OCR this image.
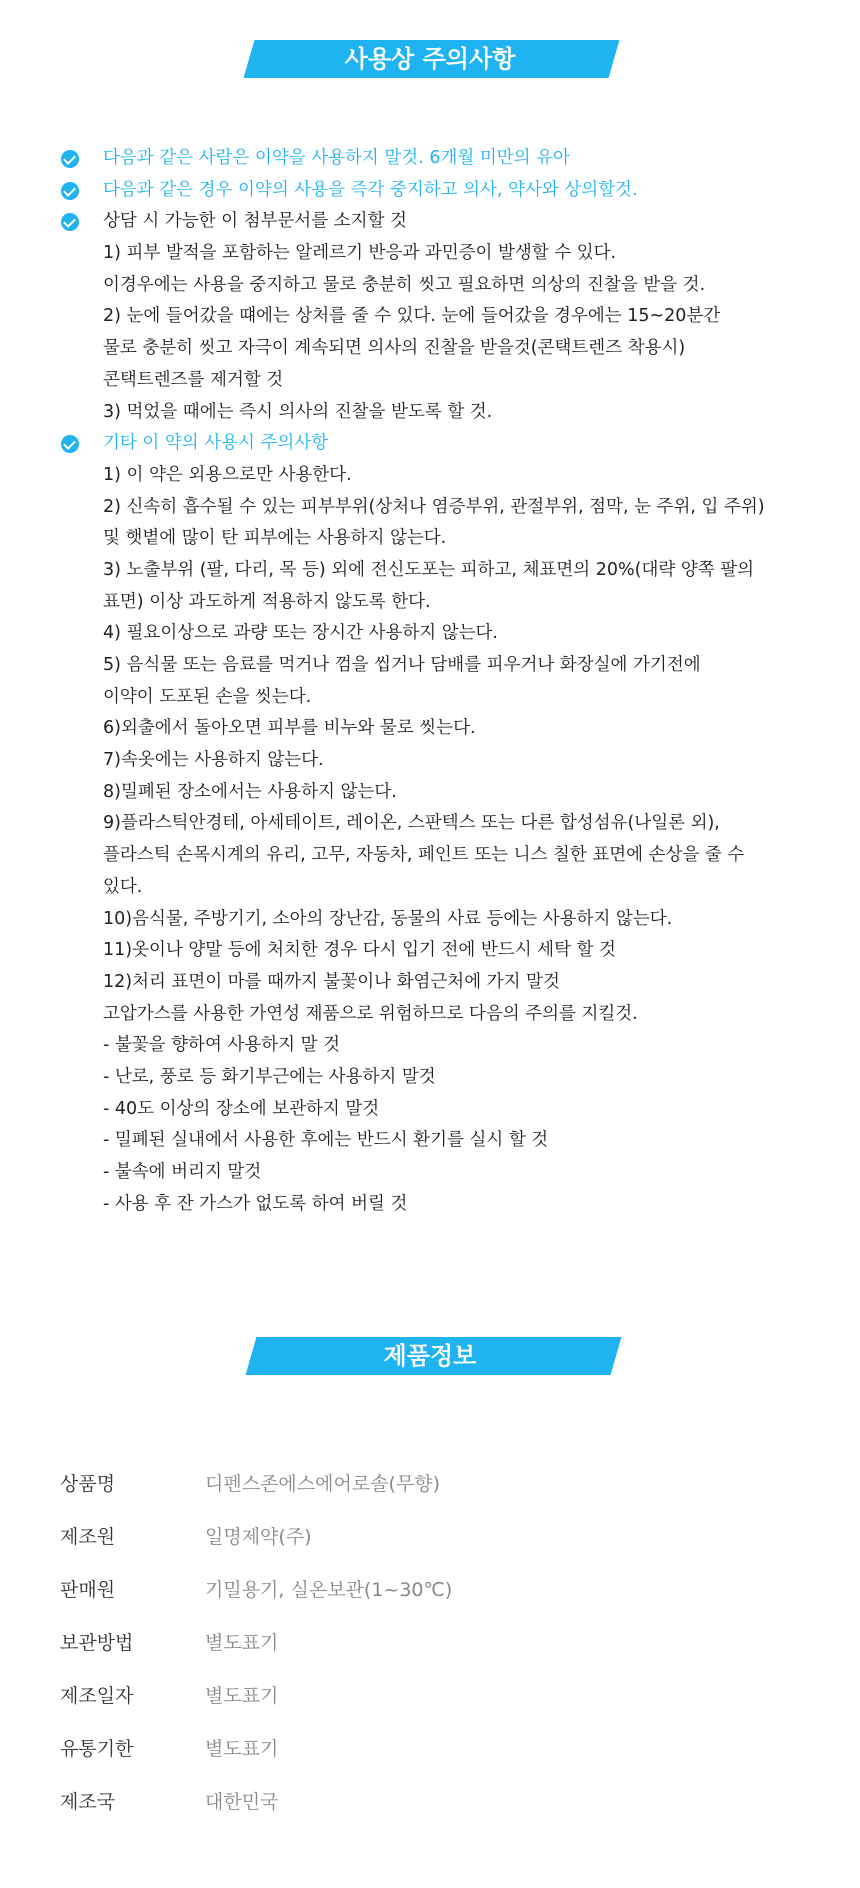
사용상 주의사항
다음과 같은 사람은 이약을 사용하지 말것. 6개월 미만의 유아
다음과 같은 경우 이약의 사용을 즉각 중지하고 의사, 약사와 상의할것.
상담 시 가능한 이 첨부문서를 소지할 것
1) 피부 발적을 포함하는 알레르기 반응과 과민증이 발생할 수 있다.
이경우에는 사용을 중지하고 물로 충분히 씻고 필요하면 의상의 진찰을 받을 것.
2) 눈에 들어갔을 떄에는 상처를 줄 수 있다. 눈에 들어갔을 경우에는 15~20분간
물로 충분히 씻고 자극이 계속되면 의사의 진찰을 받을것(콘택트렌즈 착용시)
콘택트렌즈를 제거할 것
3) 먹었을 때에는 즉시 의사의 진찰을 받도록 할 것.
기타 이 약의 사용시 주의사항
1) 이 약은 외용으로만 사용한다.
2) 신속히 흡수될 수 있는 피부부위(상처나 염증부위, 관절부위, 점막, 눈 주위, 입 주위)
및 햇볕에 많이 탄 피부에는 사용하지 않는다.
3) 노출부위 (팔, 다리, 목 등) 외에 전신도포는 피하고, 체표면의 20%(대략 양쪽 팔의
표면) 이상 과도하게 적용하지 않도록 한다.
4) 필요이상으로 과량 또는 장시간 사용하지 않는다.
5) 음식물 또는 음료를 먹거나 껌을 씹거나 담배를 피우거나 화장실에 가기전에
이약이 도포된 손을 씻는다.
6)외출에서 돌아오면 피부를 비누와 물로 씻는다.
7)속옷에는 사용하지 않는다.
8)밀폐된 장소에서는 사용하지 않는다.
9)플라스틱안경테, 아세테이트, 레이온, 스판텍스 또는 다른 합성섬유(나일론 외),
플라스틱 손목시계의 유리, 고무, 자동차, 페인트 또는 니스 칠한 표면에 손상을 줄 수
있다.
10)음식물, 주방기기, 소아의 장난감, 동물의 사료 등에는 사용하지 않는다.
11)옷이나 양말 등에 처치한 경우 다시 입기 전에 반드시 세탁 할 것
12)처리 표면이 마를 때까지 불꽃이나 화염근처에 가지 말것
고압가스를 사용한 가연성 제품으로 위험하므로 다음의 주의를 지킬것.
- 불꽃을 향하여 사용하지 말 것
- 난로, 풍로 등 화기부근에는 사용하지 말것
- 40도 이상의 장소에 보관하지 말것
- 밀폐된 실내에서 사용한 후에는 반드시 환기를 실시 할 것
- 불속에 버리지 말것
- 사용 후 잔 가스가 없도록 하여 버릴 것
제품정보
상품명	디펜스존에스에어로솔(무향)
제조원	일명제약(주)
판매원	기밀용기, 실온보관(1~30℃)
보관방법	별도표기
제조일자	별도표기
유통기한	별도표기
제조국	대한민국
